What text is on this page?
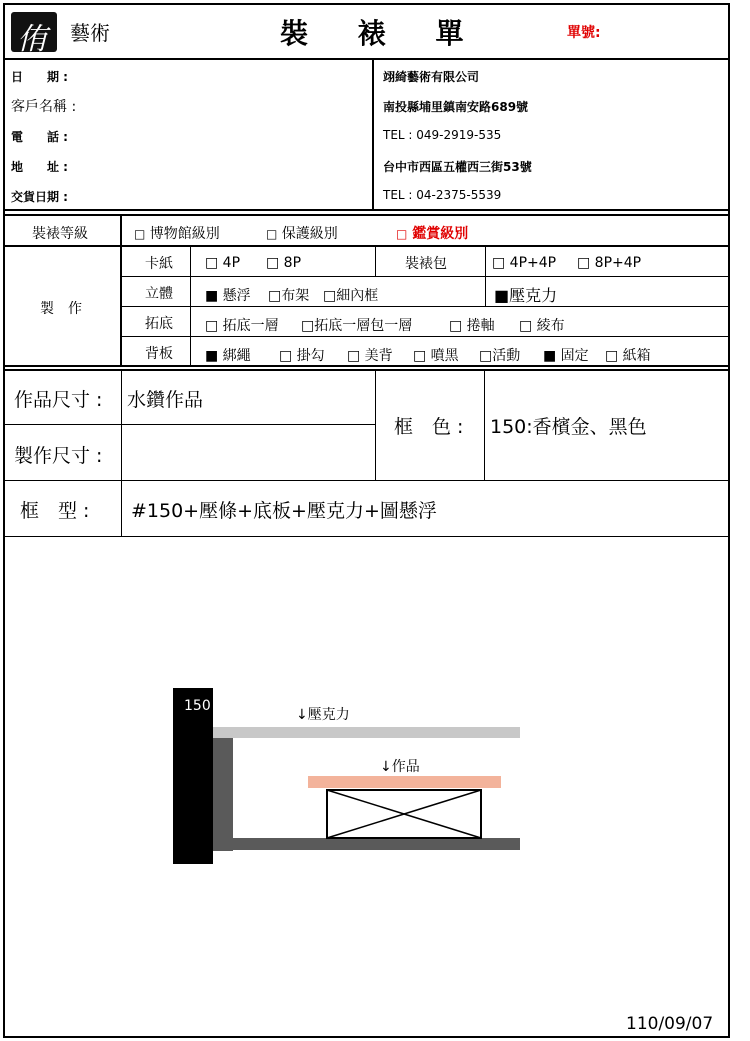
侑 藝術	裝 裱 單	單號:
日　　期 :
客戶名稱 :
電　　話 :
地　　址 :
交貨日期 :
翊綺藝術有限公司
南投縣埔里鎮南安路689號
TEL : 049-2919-535
台中市西區五權西三街53號
TEL : 04-2375-5539
裝裱等級	□ 博物館級別	□ 保護級別	□ 鑑賞級別
製　作
卡紙 □ 4P □ 8P	裝裱包	□ 4P+4P □ 8P+4P
立體 ■ 懸浮 □布架 □細內框	■壓克力
拓底 □ 拓底一層 □拓底一層包一層	□ 捲軸 □ 綾布
背板 ■ 綁繩 □ 掛勾 □ 美背 □ 噴黑 □活動 ■ 固定 □ 紙箱
作品尺寸 : 水鑽作品
製作尺寸 :
框　色 : 150:香檳金、黑色
框　型 : #150+壓條+底板+壓克力+圖懸浮
150
↓壓克力
↓作品
110/09/07
